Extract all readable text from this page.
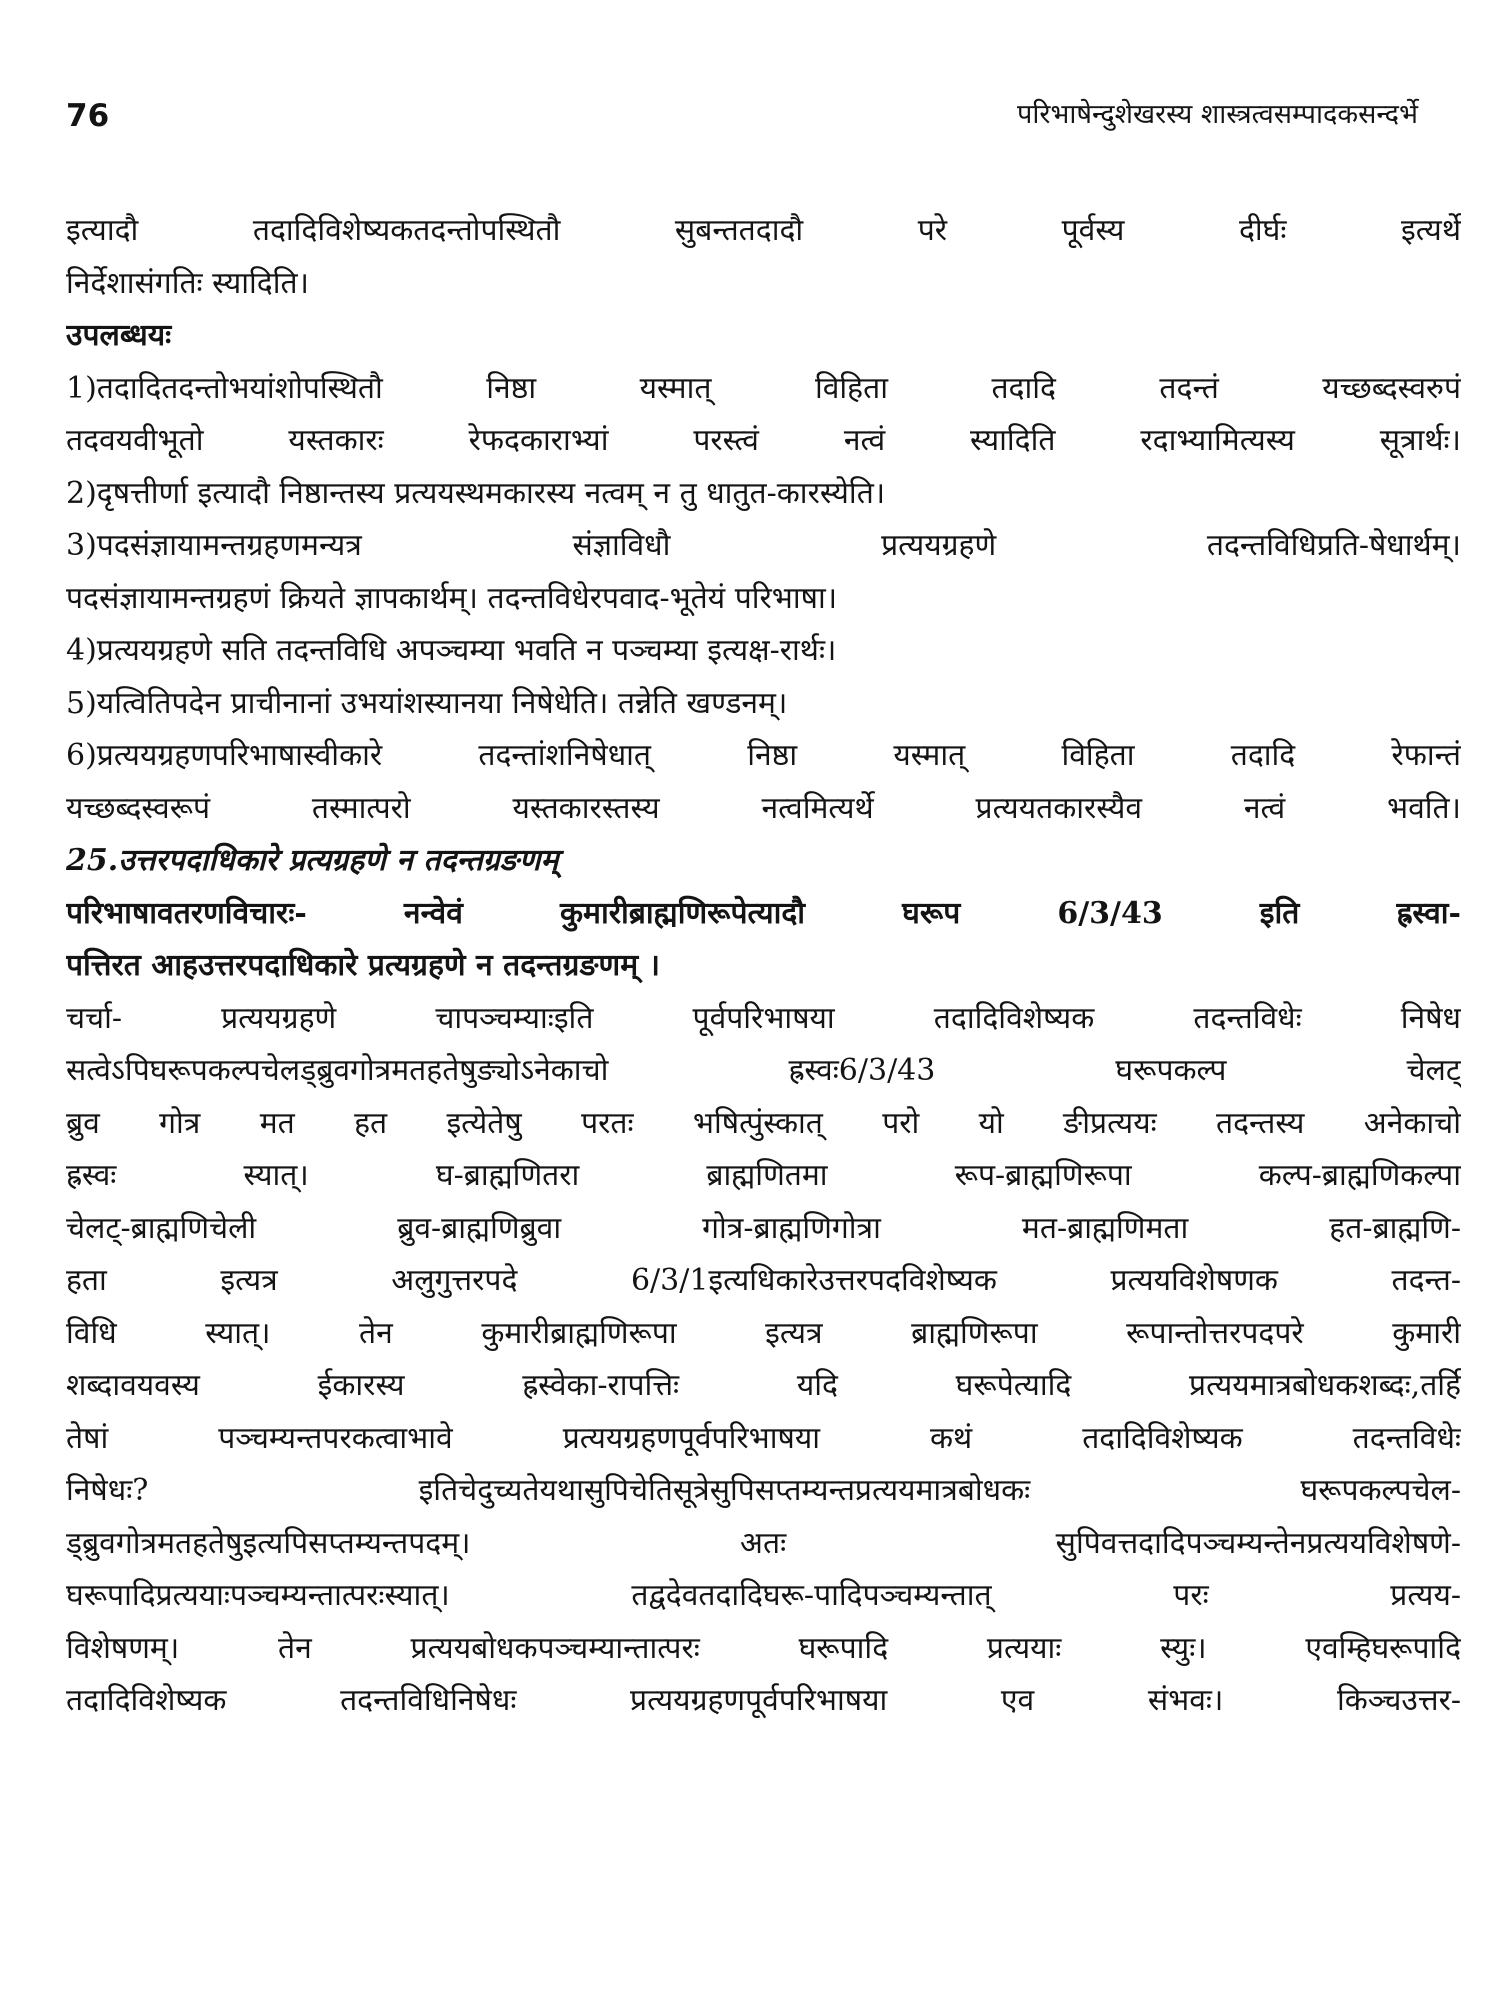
76	परिभाषेन्दुशेखरस्य शास्त्रत्वसम्पादकसन्दर्भे
इत्यादौ तदादिविशेष्यकतदन्तोपस्थितौ सुबन्ततदादौ परे पूर्वस्य दीर्घः इत्यर्थे
निर्देशासंगतिः स्यादिति।
उपलब्धयः
1)तदादितदन्तोभयांशोपस्थितौ निष्ठा यस्मात् विहिता तदादि तदन्तं यच्छब्दस्वरुपं
तदवयवीभूतो यस्तकारः रेफदकाराभ्यां परस्त्वं नत्वं स्यादिति रदाभ्यामित्यस्य सूत्रार्थः।
2)दृषत्तीर्णा इत्यादौ निष्ठान्तस्य प्रत्ययस्थमकारस्य नत्वम् न तु धातुत-कारस्येति।
3)पदसंज्ञायामन्तग्रहणमन्यत्र संज्ञाविधौ प्रत्ययग्रहणे तदन्तविधिप्रति-षेधार्थम्।
पदसंज्ञायामन्तग्रहणं क्रियते ज्ञापकार्थम्। तदन्तविधेरपवाद-भूतेयं परिभाषा।
4)प्रत्ययग्रहणे सति तदन्तविधि अपञ्चम्या भवति न पञ्चम्या इत्यक्ष-रार्थः।
5)यत्वितिपदेन प्राचीनानां उभयांशस्यानया निषेधेति। तन्नेति खण्डनम्।
6)प्रत्ययग्रहणपरिभाषास्वीकारे तदन्तांशनिषेधात् निष्ठा यस्मात् विहिता तदादि रेफान्तं
यच्छब्दस्वरूपं तस्मात्परो यस्तकारस्तस्य नत्वमित्यर्थे प्रत्ययतकारस्यैव नत्वं भवति।
25.उत्तरपदाधिकारे प्रत्यग्रहणे न तदन्तग्रङणम्
परिभाषावतरणविचारः- नन्वेवं कुमारीब्राह्मणिरूपेत्यादौ घरूप 6/3/43 इति ह्रस्वा-
पत्तिरत आहउत्तरपदाधिकारे प्रत्यग्रहणे न तदन्तग्रङणम् ।
चर्चा- प्रत्ययग्रहणे चापञ्चम्याःइति पूर्वपरिभाषया तदादिविशेष्यक तदन्तविधेः निषेध
सत्वेऽपिघरूपकल्पचेलड्ब्रुवगोत्रमतहतेषुङ्योऽनेकाचो ह्रस्वः6/3/43 घरूपकल्प चेलट्
ब्रुव गोत्र मत हत इत्येतेषु परतः भषित्पुंस्कात् परो यो ङीप्रत्ययः तदन्तस्य अनेकाचो
ह्रस्वः स्यात्। घ-ब्राह्मणितरा ब्राह्मणितमा रूप-ब्राह्मणिरूपा कल्प-ब्राह्मणिकल्पा
चेलट्-ब्राह्मणिचेली ब्रुव-ब्राह्मणिब्रुवा गोत्र-ब्राह्मणिगोत्रा मत-ब्राह्मणिमता हत-ब्राह्मणि-
हता इत्यत्र अलुगुत्तरपदे 6/3/1इत्यधिकारेउत्तरपदविशेष्यक प्रत्ययविशेषणक तदन्त-
विधि स्यात्। तेन कुमारीब्राह्मणिरूपा इत्यत्र ब्राह्मणिरूपा रूपान्तोत्तरपदपरे कुमारी
शब्दावयवस्य ईकारस्य ह्रस्वेका-रापत्तिः यदि घरूपेत्यादि प्रत्ययमात्रबोधकशब्दः,तर्हि
तेषां पञ्चम्यन्तपरकत्वाभावे प्रत्ययग्रहणपूर्वपरिभाषया कथं तदादिविशेष्यक तदन्तविधेः
निषेधः? इतिचेदुच्यतेयथासुपिचेतिसूत्रेसुपिसप्तम्यन्तप्रत्ययमात्रबोधकः घरूपकल्पचेल-
ड्ब्रुवगोत्रमतहतेषुइत्यपिसप्तम्यन्तपदम्। अतः सुपिवत्तदादिपञ्चम्यन्तेनप्रत्ययविशेषणे-
घरूपादिप्रत्ययाःपञ्चम्यन्तात्परःस्यात्। तद्वदेवतदादिघरू-पादिपञ्चम्यन्तात् परः प्रत्यय-
विशेषणम्। तेन प्रत्ययबोधकपञ्चम्यान्तात्परः घरूपादि प्रत्ययाः स्युः। एवम्हिघरूपादि
तदादिविशेष्यक तदन्तविधिनिषेधः प्रत्ययग्रहणपूर्वपरिभाषया एव संभवः। किञ्चउत्तर-
